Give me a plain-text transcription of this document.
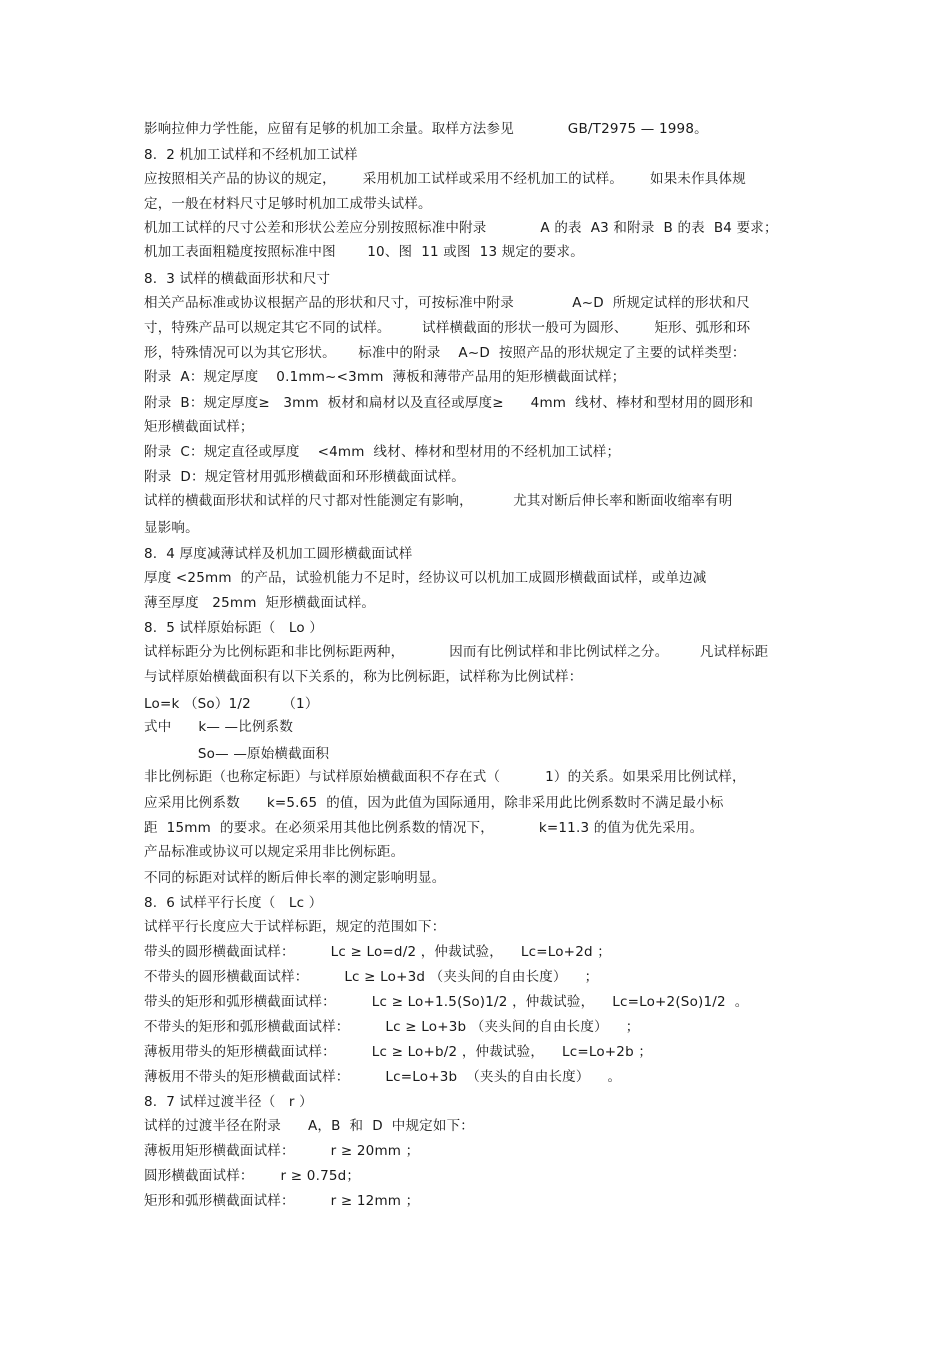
影响拉伸力学性能，应留有足够的机加工余量。取样方法参见            GB/T2975 — 1998。

8.  2 机加工试样和不经机加工试样

应按照相关产品的协议的规定，      采用机加工试样或采用不经机加工的试样。      如果未作具体规

定，一般在材料尺寸足够时机加工成带头试样。

机加工试样的尺寸公差和形状公差应分别按照标准中附录            A 的表  A3 和附录  B 的表  B4 要求；

机加工表面粗糙度按照标准中图       10、图  11 或图  13 规定的要求。

8.  3 试样的横截面形状和尺寸

相关产品标准或协议根据产品的形状和尺寸，可按标准中附录             A~D  所规定试样的形状和尺

寸，特殊产品可以规定其它不同的试样。       试样横截面的形状一般可为圆形、      矩形、弧形和环

形，特殊情况可以为其它形状。     标准中的附录    A~D  按照产品的形状规定了主要的试样类型：

附录  A：规定厚度    0.1mm~<3mm  薄板和薄带产品用的矩形横截面试样；

附录  B：规定厚度≥   3mm  板材和扁材以及直径或厚度≥      4mm  线材、棒材和型材用的圆形和

矩形横截面试样；

附录  C：规定直径或厚度    <4mm  线材、棒材和型材用的不经机加工试样；

附录  D：规定管材用弧形横截面和环形横截面试样。

试样的横截面形状和试样的尺寸都对性能测定有影响，         尤其对断后伸长率和断面收缩率有明

显影响。

8.  4 厚度减薄试样及机加工圆形横截面试样

厚度 <25mm  的产品，试验机能力不足时，经协议可以机加工成圆形横截面试样，或单边减

薄至厚度   25mm  矩形横截面试样。

8.  5 试样原始标距（   Lo ）

试样标距分为比例标距和非比例标距两种，          因而有比例试样和非比例试样之分。       凡试样标距

与试样原始横截面积有以下关系的，称为比例标距，试样称为比例试样：

Lo=k （So）1/2       （1）

式中      k— —比例系数

So— —原始横截面积

非比例标距（也称定标距）与试样原始横截面积不存在式（          1）的关系。如果采用比例试样，

应采用比例系数      k=5.65  的值，因为此值为国际通用，除非采用此比例系数时不满足最小标

距  15mm  的要求。在必须采用其他比例系数的情况下，          k=11.3 的值为优先采用。

产品标准或协议可以规定采用非比例标距。

不同的标距对试样的断后伸长率的测定影响明显。

8.  6 试样平行长度（   Lc ）

试样平行长度应大于试样标距，规定的范围如下：

带头的圆形横截面试样：        Lc ≥ Lo=d/2 ，仲裁试验，    Lc=Lo+2d ；

不带头的圆形横截面试样：        Lc ≥ Lo+3d （夹头间的自由长度）    ；

带头的矩形和弧形横截面试样：        Lc ≥ Lo+1.5(So)1/2 ，仲裁试验，    Lc=Lo+2(So)1/2  。

不带头的矩形和弧形横截面试样：        Lc ≥ Lo+3b （夹头间的自由长度）    ；

薄板用带头的矩形横截面试样：        Lc ≥ Lo+b/2 ，仲裁试验，    Lc=Lo+2b ；

薄板用不带头的矩形横截面试样：        Lc=Lo+3b  （夹头的自由长度）    。

8.  7 试样过渡半径（   r ）

试样的过渡半径在附录      A，B  和  D  中规定如下：

薄板用矩形横截面试样：        r ≥ 20mm ；

圆形横截面试样：      r ≥ 0.75d；

矩形和弧形横截面试样：        r ≥ 12mm ；
